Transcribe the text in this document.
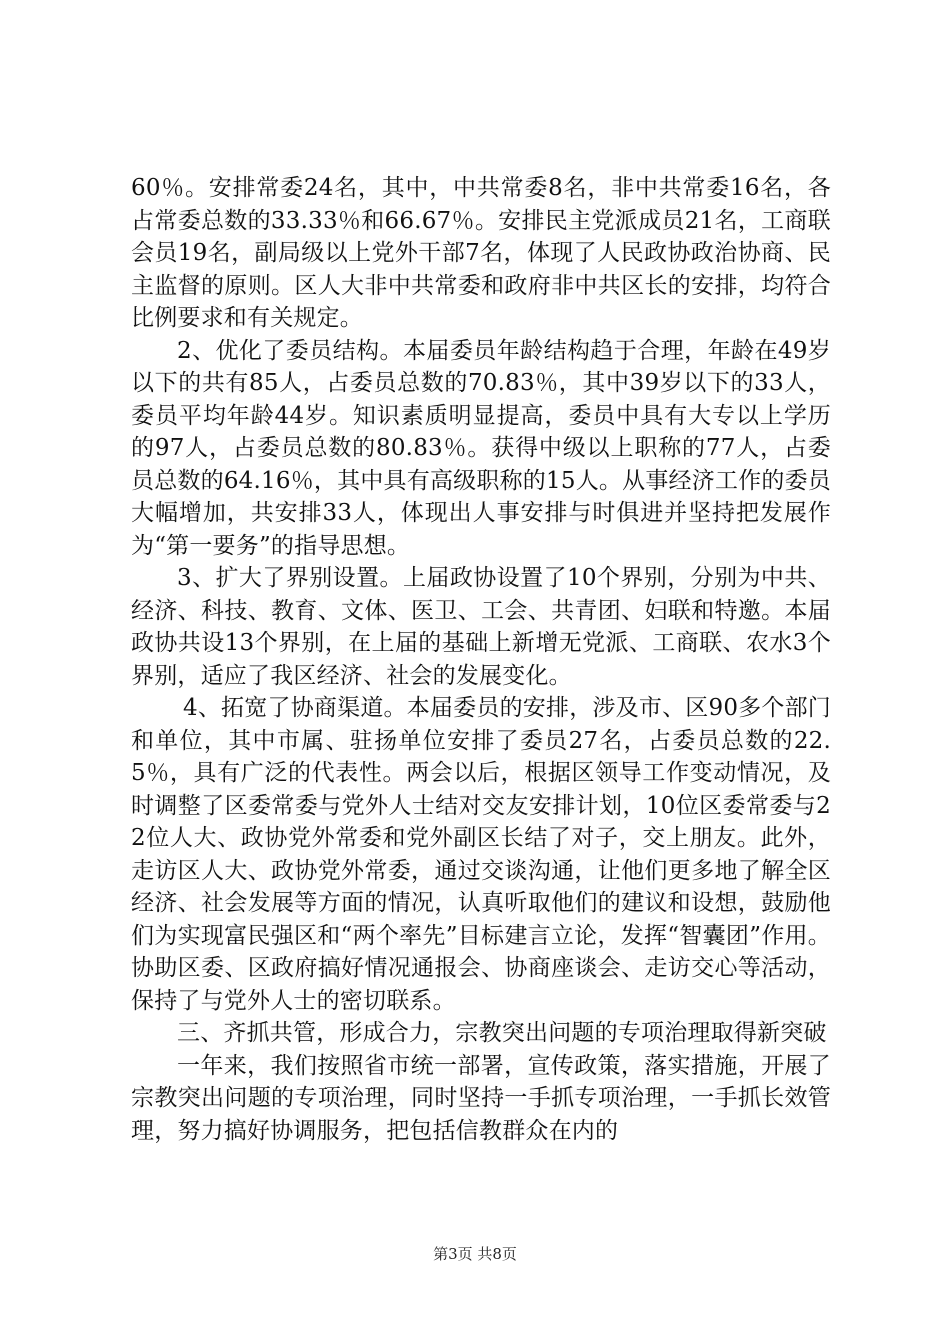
60％。安排常委24名，其中，中共常委8名，非中共常委16名，各占常委总数的33.33％和66.67％。安排民主党派成员21名，工商联会员19名，副局级以上党外干部7名，体现了人民政协政治协商、民主监督的原则。区人大非中共常委和政府非中共区长的安排，均符合比例要求和有关规定。

2、优化了委员结构。本届委员年龄结构趋于合理，年龄在49岁以下的共有85人，占委员总数的70.83％，其中39岁以下的33人，委员平均年龄44岁。知识素质明显提高，委员中具有大专以上学历的97人，占委员总数的80.83％。获得中级以上职称的77人，占委员总数的64.16％，其中具有高级职称的15人。从事经济工作的委员大幅增加，共安排33人，体现出人事安排与时俱进并坚持把发展作为“第一要务”的指导思想。

3、扩大了界别设置。上届政协设置了10个界别，分别为中共、经济、科技、教育、文体、医卫、工会、共青团、妇联和特邀。本届政协共设13个界别，在上届的基础上新增无党派、工商联、农水3个界别，适应了我区经济、社会的发展变化。

4、拓宽了协商渠道。本届委员的安排，涉及市、区90多个部门和单位，其中市属、驻扬单位安排了委员27名，占委员总数的22.5％，具有广泛的代表性。两会以后，根据区领导工作变动情况，及时调整了区委常委与党外人士结对交友安排计划，10位区委常委与22位人大、政协党外常委和党外副区长结了对子，交上朋友。此外，走访区人大、政协党外常委，通过交谈沟通，让他们更多地了解全区经济、社会发展等方面的情况，认真听取他们的建议和设想，鼓励他们为实现富民强区和“两个率先”目标建言立论，发挥“智囊团”作用。协助区委、区政府搞好情况通报会、协商座谈会、走访交心等活动，保持了与党外人士的密切联系。

三、齐抓共管，形成合力，宗教突出问题的专项治理取得新突破

一年来，我们按照省市统一部署，宣传政策，落实措施，开展了宗教突出问题的专项治理，同时坚持一手抓专项治理，一手抓长效管理，努力搞好协调服务，把包括信教群众在内的

第3页 共8页
